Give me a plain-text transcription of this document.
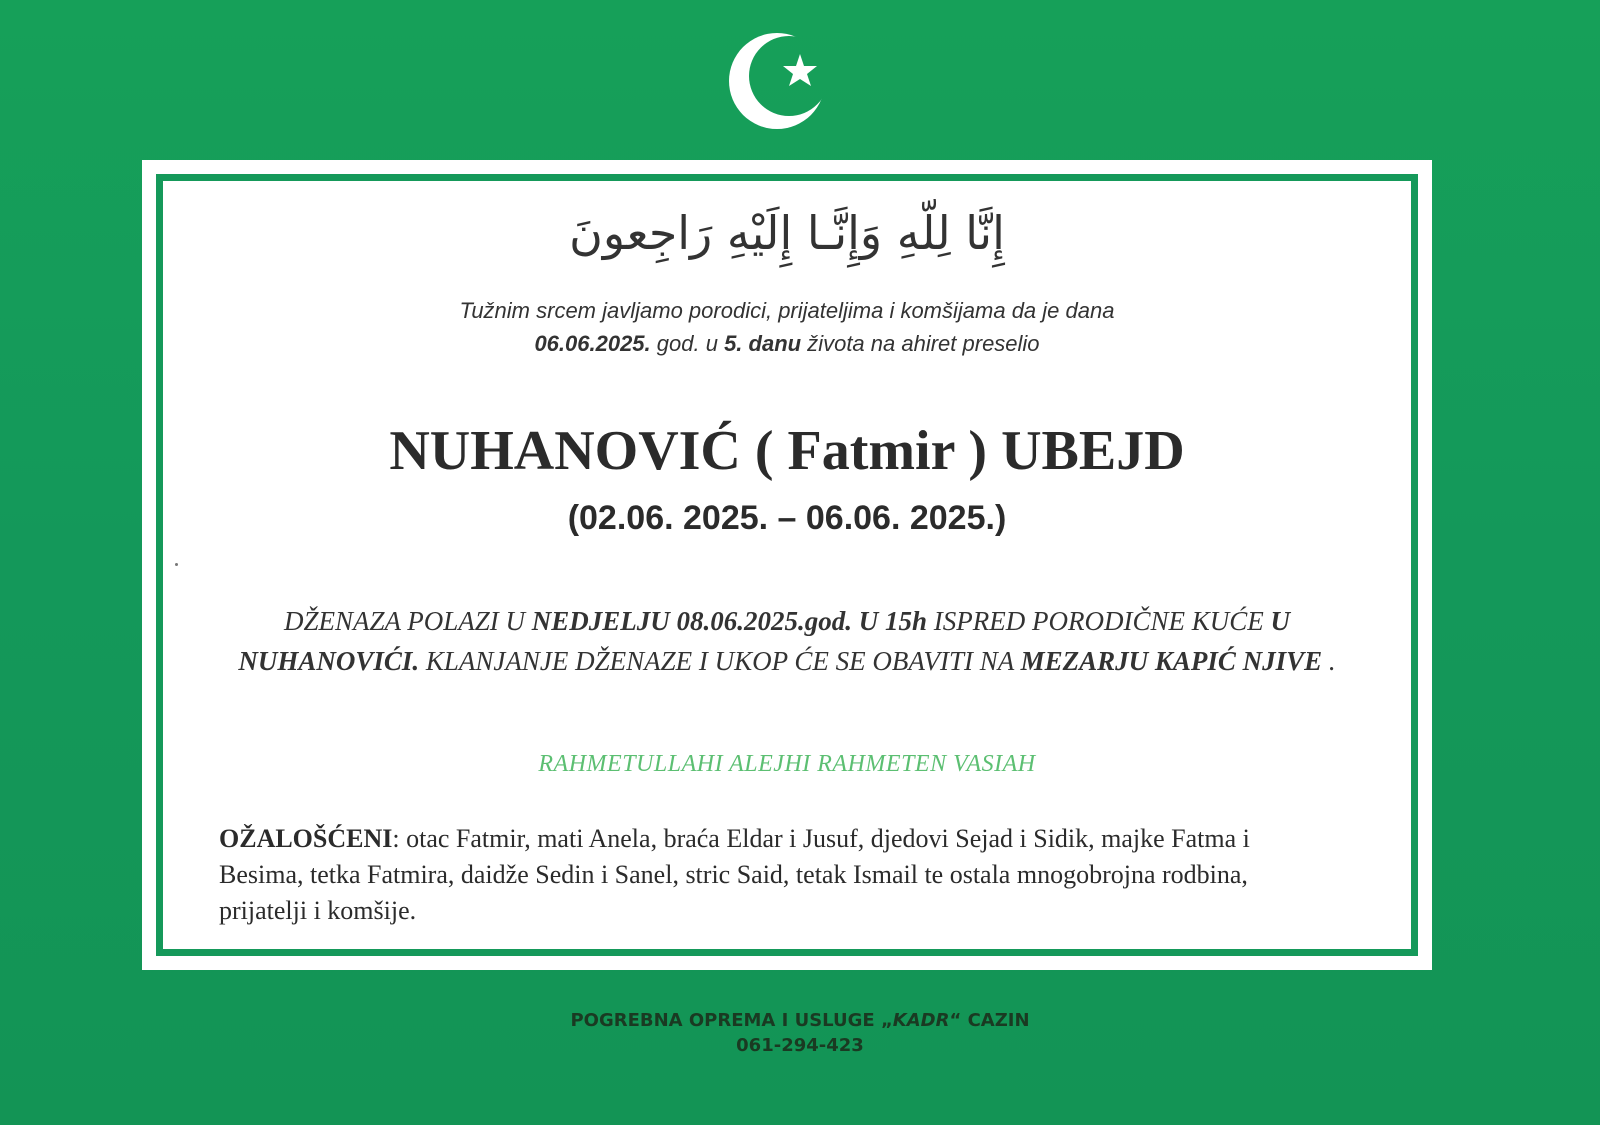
إِنَّا لِلّهِ وَإِنَّـا إِلَيْهِ رَاجِعونَ
Tužnim srcem javljamo porodici, prijateljima i komšijama da je dana
06.06.2025. god. u 5. danu života na ahiret preselio
NUHANOVIĆ ( Fatmir ) UBEJD
(02.06. 2025. – 06.06. 2025.)
DŽENAZA POLAZI U NEDJELJU 08.06.2025.god. U 15h ISPRED PORODIČNE KUĆE U NUHANOVIĆI. KLANJANJE DŽENAZE I UKOP ĆE SE OBAVITI NA MEZARJU KAPIĆ NJIVE .
RAHMETULLAHI ALEJHI RAHMETEN VASIAH
OŽALOŠĆENI: otac Fatmir, mati Anela, braća Eldar i Jusuf, djedovi Sejad i Sidik, majke Fatma i Besima, tetka Fatmira, daidže Sedin i Sanel, stric Said, tetak Ismail te ostala mnogobrojna rodbina, prijatelji i komšije.
POGREBNA OPREMA I USLUGE „KADR“ CAZIN
061-294-423
